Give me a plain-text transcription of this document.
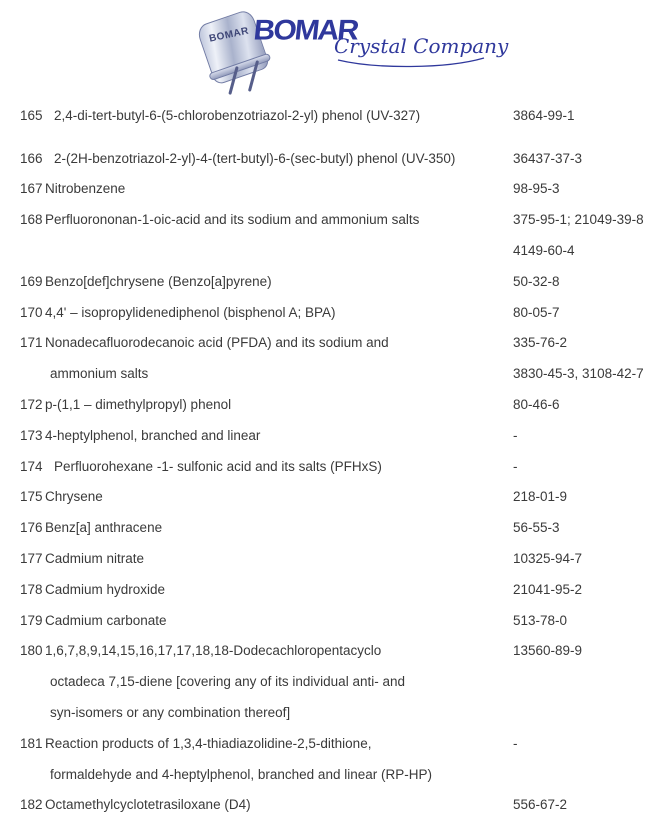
BOMAR BOMAR
Crystal Company
165 2,4-di-tert-butyl-6-(5-chlorobenzotriazol-2-yl) phenol (UV-327)	3864-99-1
166 2-(2H-benzotriazol-2-yl)-4-(tert-butyl)-6-(sec-butyl) phenol (UV-350)	36437-37-3
167 Nitrobenzene	98-95-3
168 Perfluorononan-1-oic-acid and its sodium and ammonium salts	375-95-1; 21049-39-8
4149-60-4
169 Benzo[def]chrysene (Benzo[a]pyrene)	50-32-8
170 4,4' – isopropylidenediphenol (bisphenol A; BPA)	80-05-7
171 Nonadecafluorodecanoic acid (PFDA) and its sodium and	335-76-2
ammonium salts	3830-45-3, 3108-42-7
172 p-(1,1 – dimethylpropyl) phenol	80-46-6
173 4-heptylphenol, branched and linear	-
174 Perfluorohexane -1- sulfonic acid and its salts (PFHxS)	-
175 Chrysene	218-01-9
176 Benz[a] anthracene	56-55-3
177 Cadmium nitrate	10325-94-7
178 Cadmium hydroxide	21041-95-2
179 Cadmium carbonate	513-78-0
180 1,6,7,8,9,14,15,16,17,17,18,18-Dodecachloropentacyclo	13560-89-9
octadeca 7,15-diene [covering any of its individual anti- and
syn-isomers or any combination thereof]
181 Reaction products of 1,3,4-thiadiazolidine-2,5-dithione,	-
formaldehyde and 4-heptylphenol, branched and linear (RP-HP)
182 Octamethylcyclotetrasiloxane (D4)	556-67-2
